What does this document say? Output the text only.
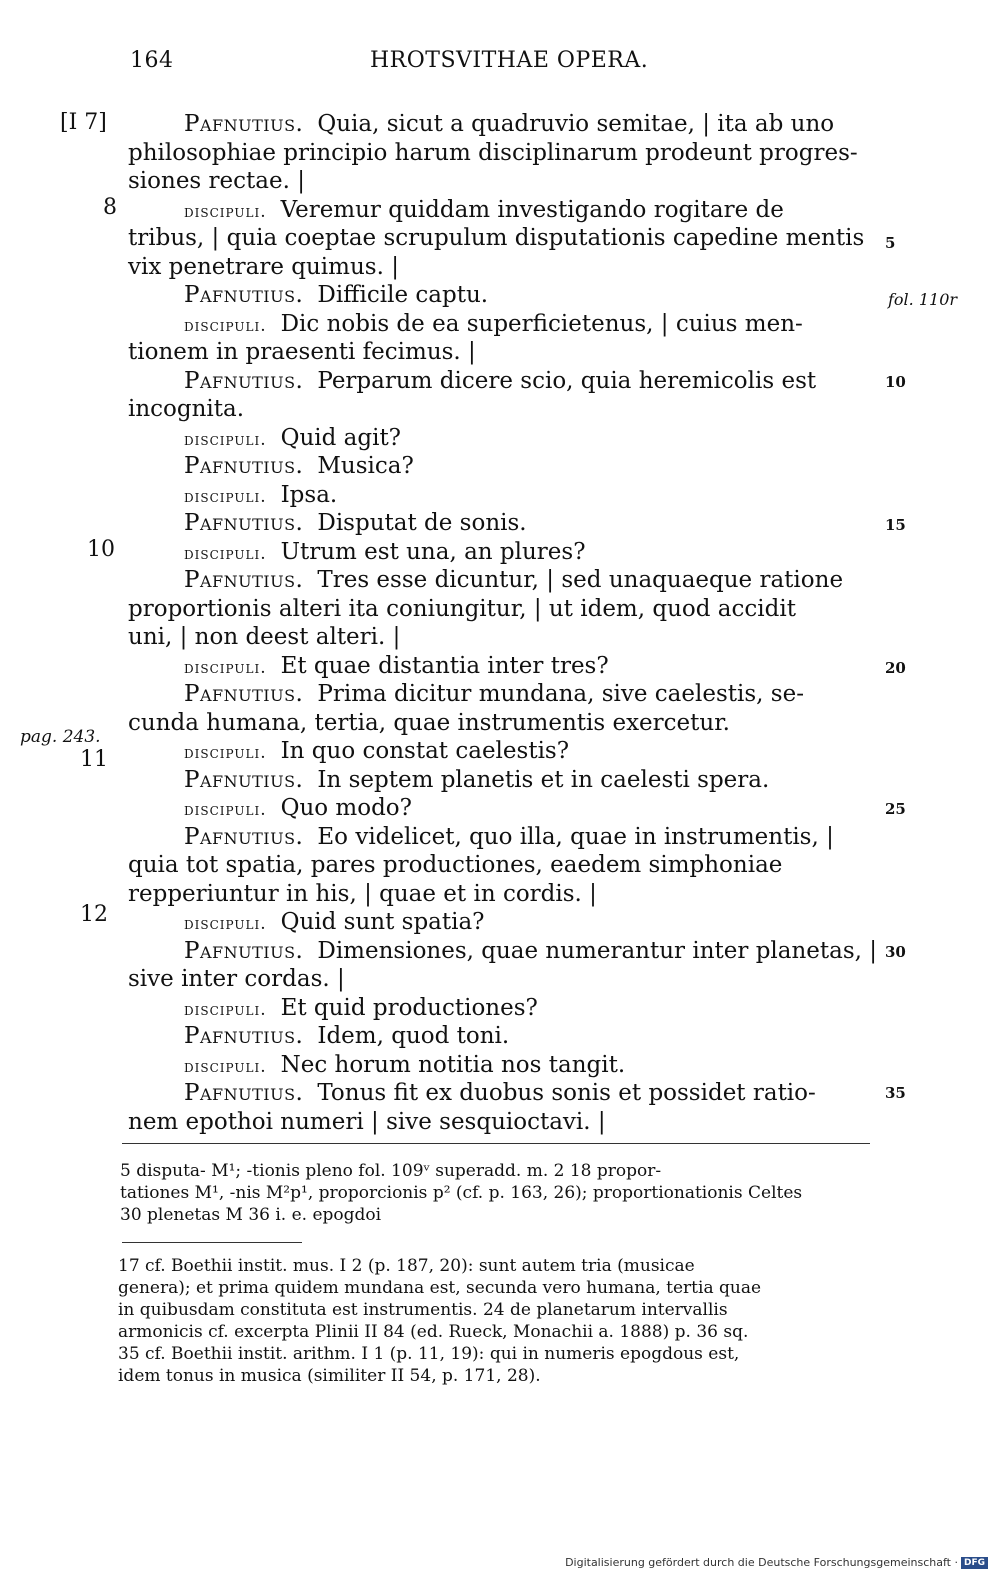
164	HROTSVITHAE OPERA.
[I 7]
8
10
pag. 243.
11
12
fol. 110r
5
10
15
20
25
30
35
Pafnutius. Quia, sicut a quadruvio semitae, | ita ab uno
philosophiae principio harum disciplinarum prodeunt progres-
siones rectae. |
discipuli. Veremur quiddam investigando rogitare de
tribus, | quia coeptae scrupulum disputationis capedine mentis
vix penetrare quimus. |
Pafnutius. Difficile captu.
discipuli. Dic nobis de ea superficietenus, | cuius men-
tionem in praesenti fecimus. |
Pafnutius. Perparum dicere scio, quia heremicolis est
incognita.
discipuli. Quid agit?
Pafnutius. Musica?
discipuli. Ipsa.
Pafnutius. Disputat de sonis.
discipuli. Utrum est una, an plures?
Pafnutius. Tres esse dicuntur, | sed unaquaeque ratione
proportionis alteri ita coniungitur, | ut idem, quod accidit
uni, | non deest alteri. |
discipuli. Et quae distantia inter tres?
Pafnutius. Prima dicitur mundana, sive caelestis, se-
cunda humana, tertia, quae instrumentis exercetur.
discipuli. In quo constat caelestis?
Pafnutius. In septem planetis et in caelesti spera.
discipuli. Quo modo?
Pafnutius. Eo videlicet, quo illa, quae in instrumentis, |
quia tot spatia, pares productiones, eaedem simphoniae
repperiuntur in his, | quae et in cordis. |
discipuli. Quid sunt spatia?
Pafnutius. Dimensiones, quae numerantur inter planetas, |
sive inter cordas. |
discipuli. Et quid productiones?
Pafnutius. Idem, quod toni.
discipuli. Nec horum notitia nos tangit.
Pafnutius. Tonus fit ex duobus sonis et possidet ratio-
nem epothoi numeri | sive sesquioctavi. |
5 disputa- M¹; -tionis pleno fol. 109ᵛ superadd. m. 2 18 propor-
tationes M¹, -nis M²p¹, proporcionis p² (cf. p. 163, 26); proportionationis Celtes
30 plenetas M 36 i. e. epogdoi
17 cf. Boethii instit. mus. I 2 (p. 187, 20): sunt autem tria (musicae
genera); et prima quidem mundana est, secunda vero humana, tertia quae
in quibusdam constituta est instrumentis. 24 de planetarum intervallis
armonicis cf. excerpta Plinii II 84 (ed. Rueck, Monachii a. 1888) p. 36 sq.
35 cf. Boethii instit. arithm. I 1 (p. 11, 19): qui in numeris epogdous est,
idem tonus in musica (similiter II 54, p. 171, 28).
Digitalisierung gefördert durch die Deutsche Forschungsgemeinschaft · DFG
